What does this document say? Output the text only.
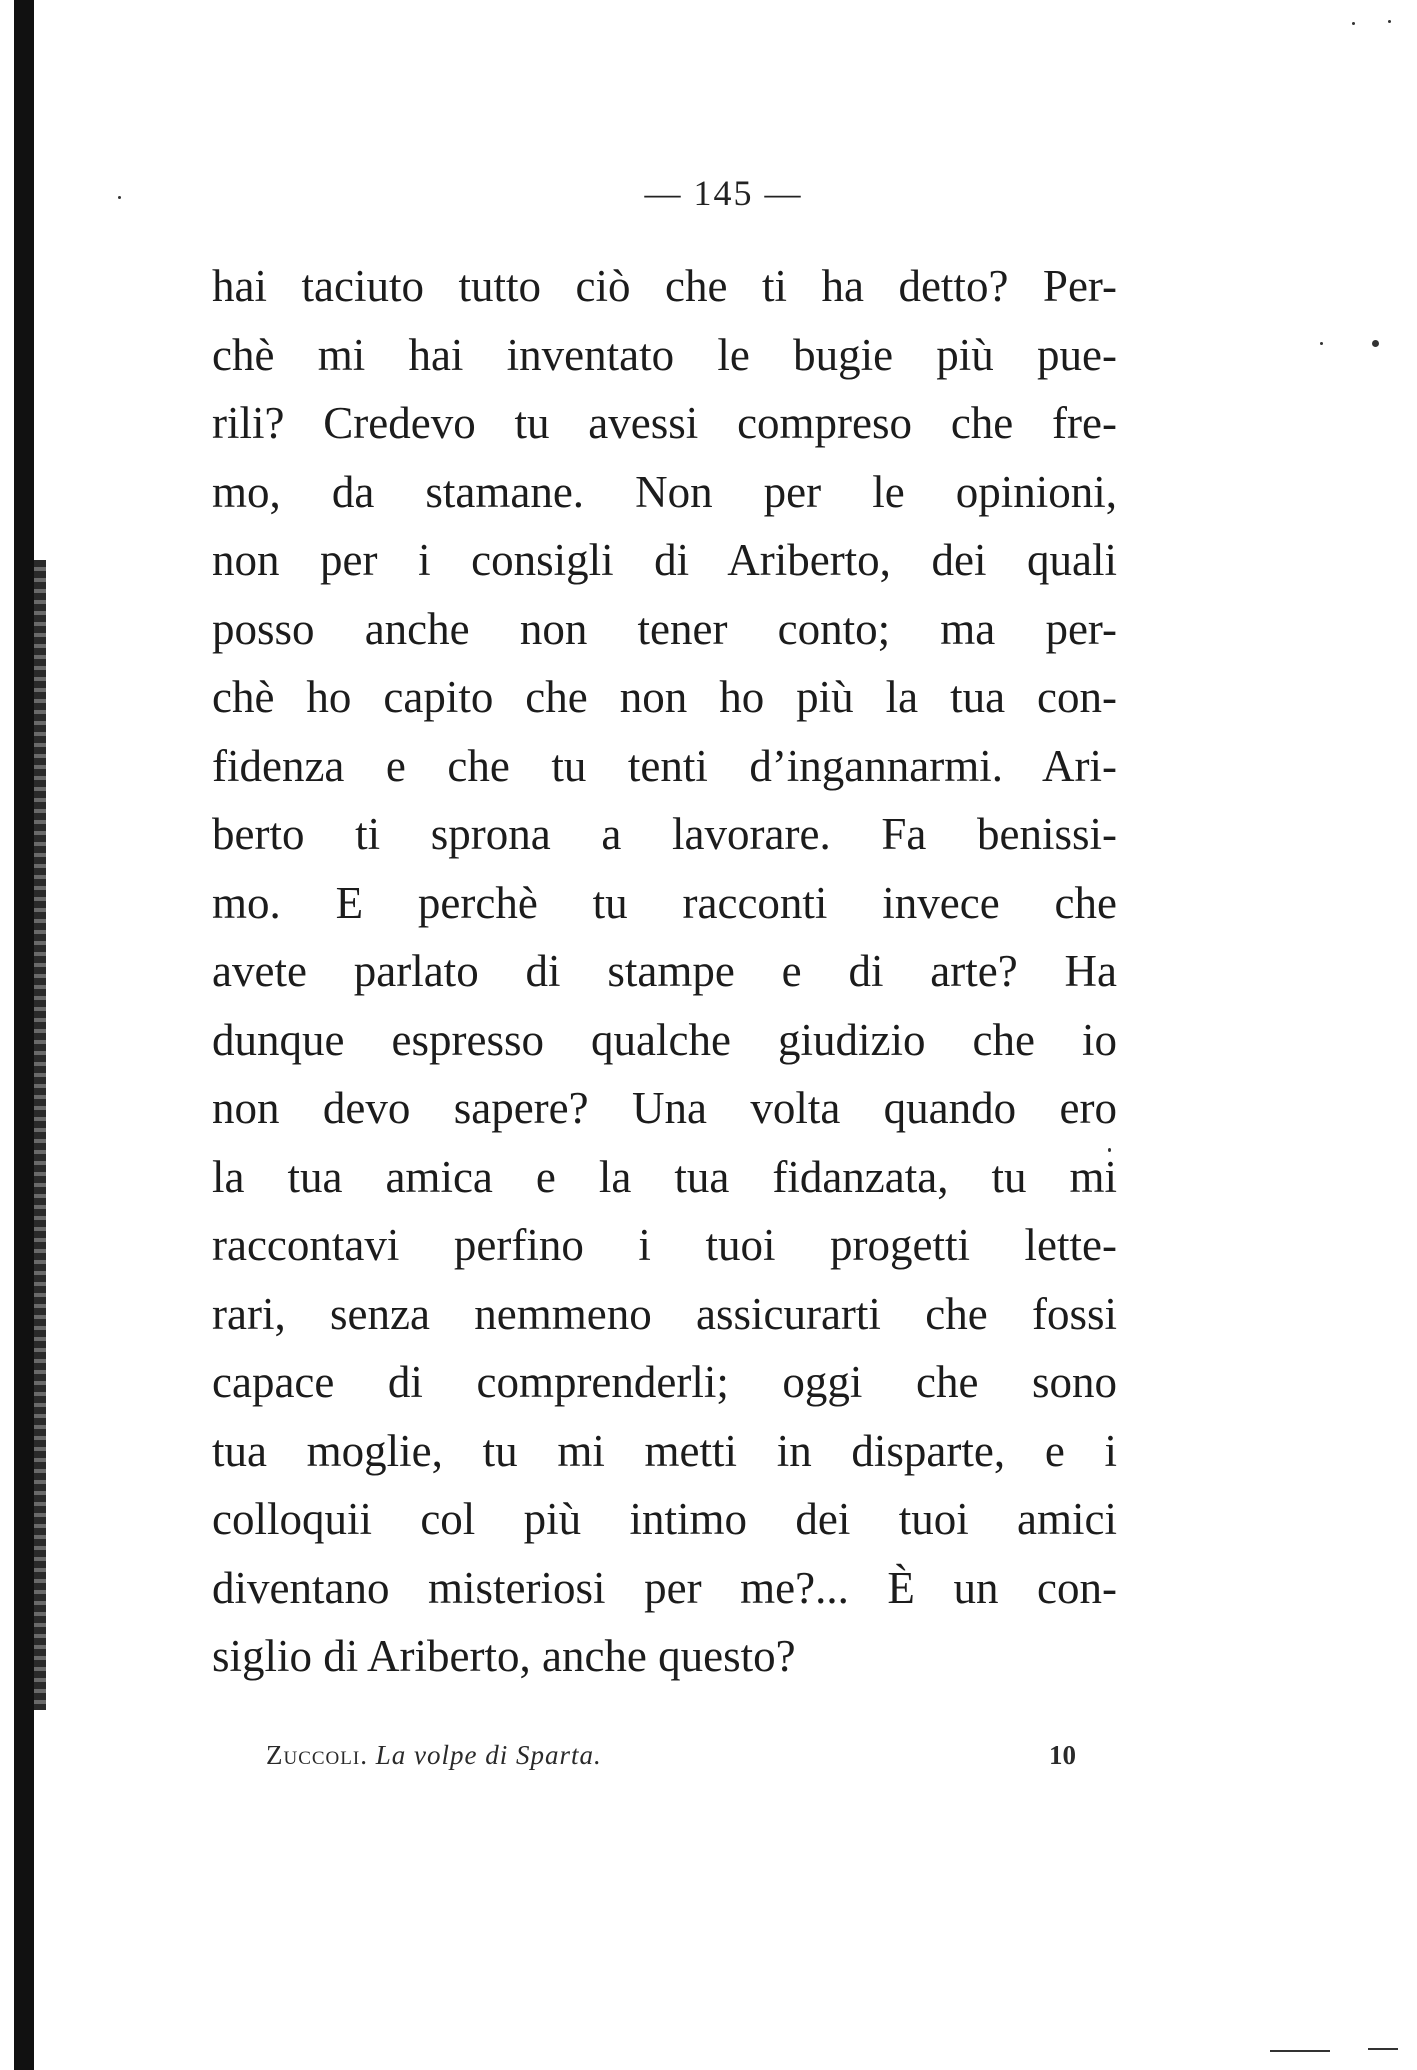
— 145 —
hai taciuto tutto ciò che ti ha detto? Per-
chè mi hai inventato le bugie più pue-
rili? Credevo tu avessi compreso che fre-
mo, da stamane. Non per le opinioni,
non per i consigli di Ariberto, dei quali
posso anche non tener conto; ma per-
chè ho capito che non ho più la tua con-
fidenza e che tu tenti d’ingannarmi. Ari-
berto ti sprona a lavorare. Fa benissi-
mo. E perchè tu racconti invece che
avete parlato di stampe e di arte? Ha
dunque espresso qualche giudizio che io
non devo sapere? Una volta quando ero
la tua amica e la tua fidanzata, tu mi
raccontavi perfino i tuoi progetti lette-
rari, senza nemmeno assicurarti che fossi
capace di comprenderli; oggi che sono
tua moglie, tu mi metti in disparte, e i
colloquii col più intimo dei tuoi amici
diventano misteriosi per me?... È un con-
siglio di Ariberto, anche questo?
Zuccoli. La volpe di Sparta.	10
